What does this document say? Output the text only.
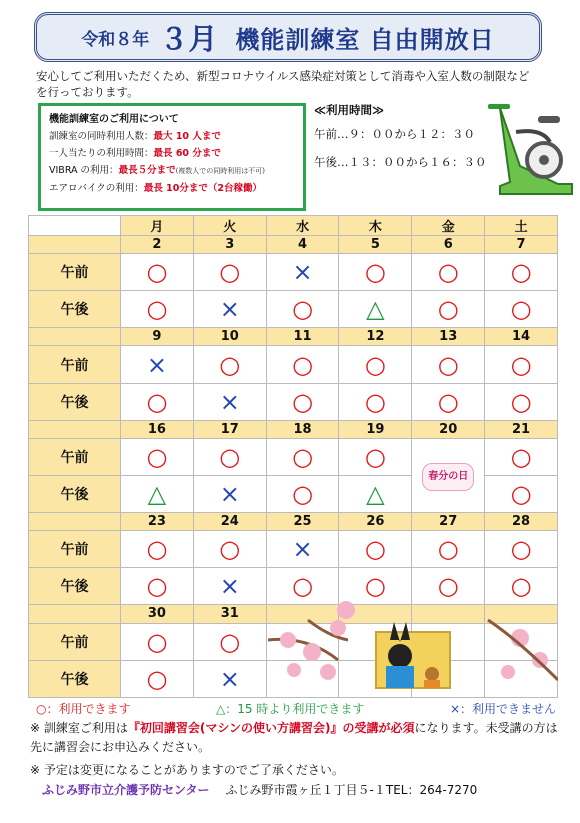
令和８年 ３月 機能訓練室 自由開放日
安心してご利用いただくため、新型コロナウイルス感染症対策として消毒や入室人数の制限などを行っております。
機能訓練室のご利用について
訓練室の同時利用人数：最大 10 人まで
一人当たりの利用時間：最長 60 分まで
VIBRA の利用：最長５分まで(複数人での同時利用は不可)
エアロバイクの利用：最長 10分まで（2台稼働）
≪利用時間≫
午前…９：００から１２：３０
午後…１３：００から１６：３０
	月	火	水	木	金	土
	2	3	4	5	6	7
午前	○	○	×	○	○	○
午後	○	×	○	△	○	○
	9	10	11	12	13	14
午前	×	○	○	○	○	○
午後	○	×	○	○	○	○
	16	17	18	19	20	21
午前	○	○	○	○	春分の日	○
午後	△	×	○	△		○
	23	24	25	26	27	28
午前	○	○	×	○	○	○
午後	○	×	○	○	○	○
	30	31				
午前	○	○				
午後	○	×				
○：利用できます	△：15 時より利用できます	×：利用できません
※ 訓練室ご利用は『初回講習会(マシンの使い方講習会)』の受講が必須になります。未受講の方は先に講習会にお申込みください。
※ 予定は変更になることがありますのでご了承ください。
ふじみ野市立介護予防センター ふじみ野市霞ヶ丘１丁目５-１TEL：264-7270
